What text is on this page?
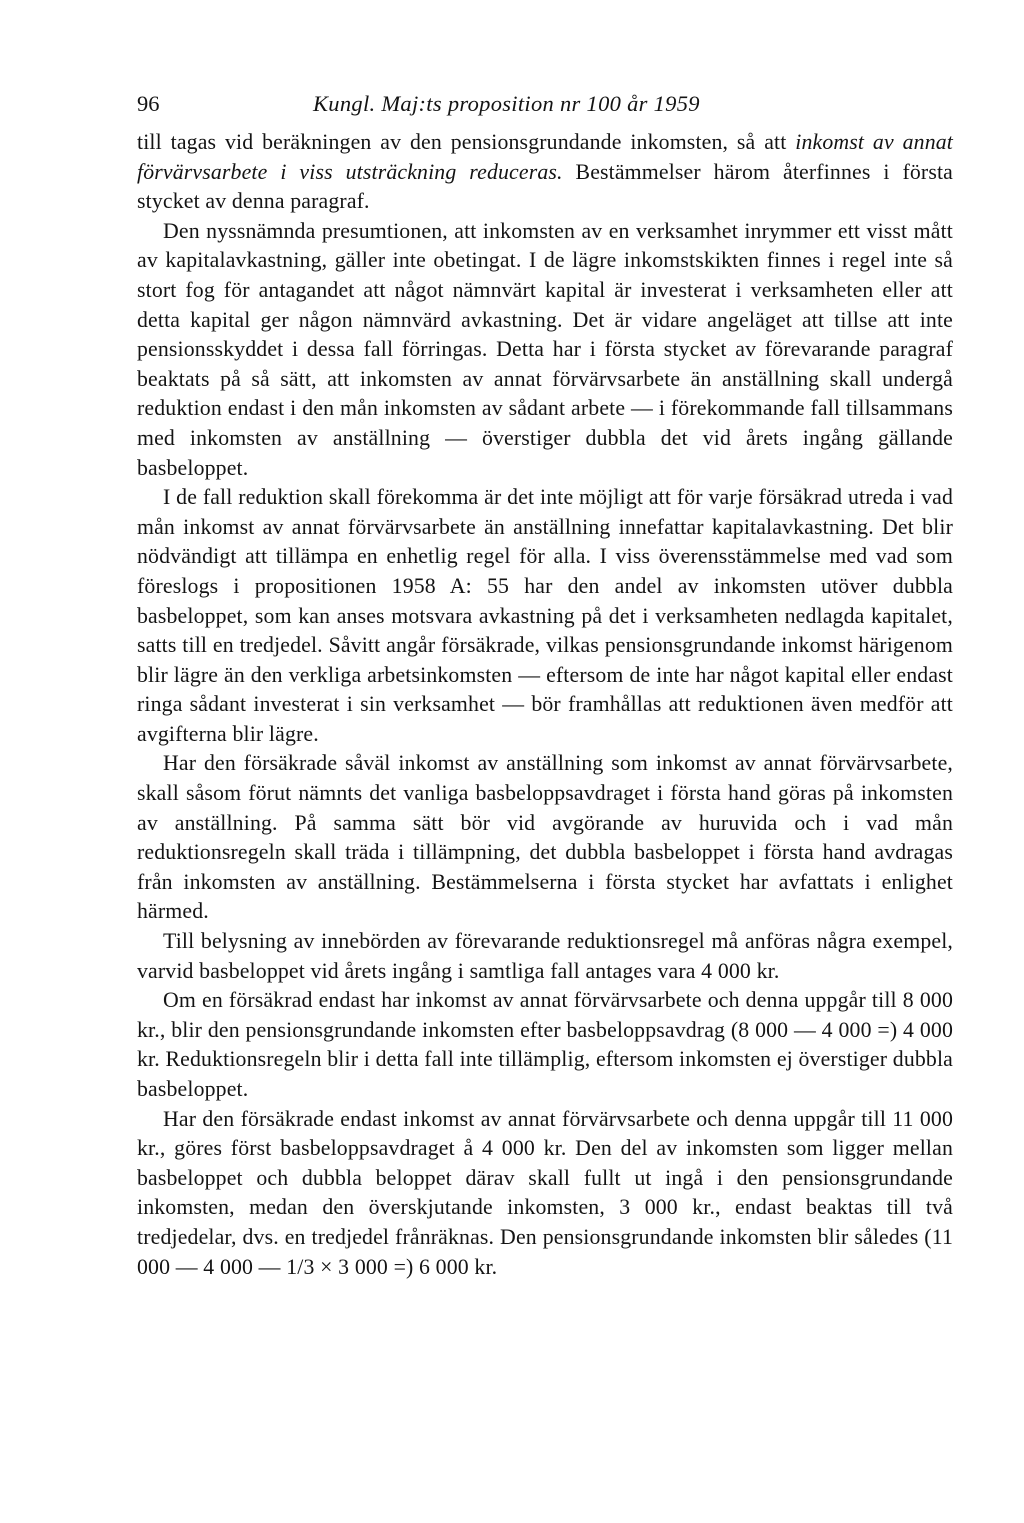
96	Kungl. Maj:ts proposition nr 100 år 1959

till tagas vid beräkningen av den pensionsgrundande inkomsten, så att inkomst av annat förvärvsarbete i viss utsträckning reduceras. Bestämmelser härom återfinnes i första stycket av denna paragraf.

Den nyssnämnda presumtionen, att inkomsten av en verksamhet inrymmer ett visst mått av kapitalavkastning, gäller inte obetingat. I de lägre inkomstskikten finnes i regel inte så stort fog för antagandet att något nämnvärt kapital är investerat i verksamheten eller att detta kapital ger någon nämnvärd avkastning. Det är vidare angeläget att tillse att inte pensionsskyddet i dessa fall förringas. Detta har i första stycket av förevarande paragraf beaktats på så sätt, att inkomsten av annat förvärvsarbete än anställning skall undergå reduktion endast i den mån inkomsten av sådant arbete — i förekommande fall tillsammans med inkomsten av anställning — överstiger dubbla det vid årets ingång gällande basbeloppet.

I de fall reduktion skall förekomma är det inte möjligt att för varje försäkrad utreda i vad mån inkomst av annat förvärvsarbete än anställning innefattar kapitalavkastning. Det blir nödvändigt att tillämpa en enhetlig regel för alla. I viss överensstämmelse med vad som föreslogs i propositionen 1958 A: 55 har den andel av inkomsten utöver dubbla basbeloppet, som kan anses motsvara avkastning på det i verksamheten nedlagda kapitalet, satts till en tredjedel. Såvitt angår försäkrade, vilkas pensionsgrundande inkomst härigenom blir lägre än den verkliga arbetsinkomsten — eftersom de inte har något kapital eller endast ringa sådant investerat i sin verksamhet — bör framhållas att reduktionen även medför att avgifterna blir lägre.

Har den försäkrade såväl inkomst av anställning som inkomst av annat förvärvsarbete, skall såsom förut nämnts det vanliga basbeloppsavdraget i första hand göras på inkomsten av anställning. På samma sätt bör vid avgörande av huruvida och i vad mån reduktionsregeln skall träda i tillämpning, det dubbla basbeloppet i första hand avdragas från inkomsten av anställning. Bestämmelserna i första stycket har avfattats i enlighet härmed.

Till belysning av innebörden av förevarande reduktionsregel må anföras några exempel, varvid basbeloppet vid årets ingång i samtliga fall antages vara 4 000 kr.

Om en försäkrad endast har inkomst av annat förvärvsarbete och denna uppgår till 8 000 kr., blir den pensionsgrundande inkomsten efter basbeloppsavdrag (8 000 — 4 000 =) 4 000 kr. Reduktionsregeln blir i detta fall inte tillämplig, eftersom inkomsten ej överstiger dubbla basbeloppet.

Har den försäkrade endast inkomst av annat förvärvsarbete och denna uppgår till 11 000 kr., göres först basbeloppsavdraget å 4 000 kr. Den del av inkomsten som ligger mellan basbeloppet och dubbla beloppet därav skall fullt ut ingå i den pensionsgrundande inkomsten, medan den överskjutande inkomsten, 3 000 kr., endast beaktas till två tredjedelar, dvs. en tredjedel frånräknas. Den pensionsgrundande inkomsten blir således (11 000 — 4 000 — 1/3 × 3 000 =) 6 000 kr.
